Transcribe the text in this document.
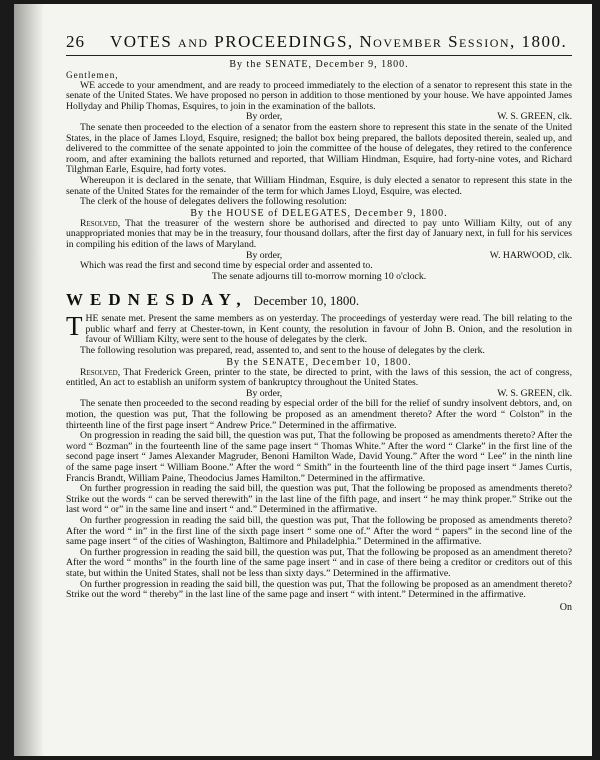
26	VOTES and PROCEEDINGS, November Session, 1800.
By the SENATE, December 9, 1800.
Gentlemen,

WE accede to your amendment, and are ready to proceed immediately to the election of a senator to represent this state in the senate of the United States. We have proposed no person in addition to those mentioned by your house. We have appointed James Hollyday and Philip Thomas, Esquires, to join in the examination of the ballots.

By order,	W. S. GREEN, clk.

The senate then proceeded to the election of a senator from the eastern shore to represent this state in the senate of the United States, in the place of James Lloyd, Esquire, resigned; the ballot box being prepared, the ballots deposited therein, sealed up, and delivered to the committee of the senate appointed to join the committee of the house of delegates, they retired to the conference room, and after examining the ballots returned and reported, that William Hindman, Esquire, had forty-nine votes, and Richard Tilghman Earle, Esquire, had forty votes.

Whereupon it is declared in the senate, that William Hindman, Esquire, is duly elected a senator to represent this state in the senate of the United States for the remainder of the term for which James Lloyd, Esquire, was elected.

The clerk of the house of delegates delivers the following resolution:

By the HOUSE of DELEGATES, December 9, 1800.

Resolved, That the treasurer of the western shore be authorised and directed to pay unto William Kilty, out of any unappropriated monies that may be in the treasury, four thousand dollars, after the first day of January next, in full for his services in compiling his edition of the laws of Maryland.

By order,	W. HARWOOD, clk.

Which was read the first and second time by especial order and assented to.

The senate adjourns till to-morrow morning 10 o'clock.
WEDNESDAY, December 10, 1800.

THE senate met. Present the same members as on yesterday. The proceedings of yesterday were read. The bill relating to the public wharf and ferry at Chester-town, in Kent county, the resolution in favour of John B. Onion, and the resolution in favour of William Kilty, were sent to the house of delegates by the clerk.

The following resolution was prepared, read, assented to, and sent to the house of delegates by the clerk.

By the SENATE, December 10, 1800.

Resolved, That Frederick Green, printer to the state, be directed to print, with the laws of this session, the act of congress, entitled, An act to establish an uniform system of bankruptcy throughout the United States.

By order,	W. S. GREEN, clk.

The senate then proceeded to the second reading by especial order of the bill for the relief of sundry insolvent debtors, and, on motion, the question was put, That the following be proposed as an amendment thereto? After the word “ Colston” in the thirteenth line of the first page insert “ Andrew Price.” Determined in the affirmative.

On progression in reading the said bill, the question was put, That the following be proposed as amendments thereto? After the word “ Bozman” in the fourteenth line of the same page insert “ Thomas White.” After the word “ Clarke” in the first line of the second page insert “ James Alexander Magruder, Benoni Hamilton Wade, David Young.” After the word “ Lee” in the ninth line of the same page insert “ William Boone.” After the word “ Smith” in the fourteenth line of the third page insert “ James Curtis, Francis Brandt, William Paine, Theodocius James Hamilton.” Determined in the affirmative.

On further progression in reading the said bill, the question was put, That the following be proposed as amendments thereto? Strike out the words “ can be served therewith” in the last line of the fifth page, and insert “ he may think proper.” Strike out the last word “ or” in the same line and insert “ and.” Determined in the affirmative.

On further progression in reading the said bill, the question was put, That the following be proposed as amendments thereto? After the word “ in” in the first line of the sixth page insert “ some one of.” After the word “ papers” in the second line of the same page insert “ of the cities of Washington, Baltimore and Philadelphia.” Determined in the affirmative.

On further progression in reading the said bill, the question was put, That the following be proposed as an amendment thereto? After the word “ months” in the fourth line of the same page insert “ and in case of there being a creditor or creditors out of this state, but within the United States, shall not be less than sixty days.” Determined in the affirmative.

On further progression in reading the said bill, the question was put, That the following be proposed as an amendment thereto? Strike out the word “ thereby” in the last line of the same page and insert “ with intent.” Determined in the affirmative.

On
